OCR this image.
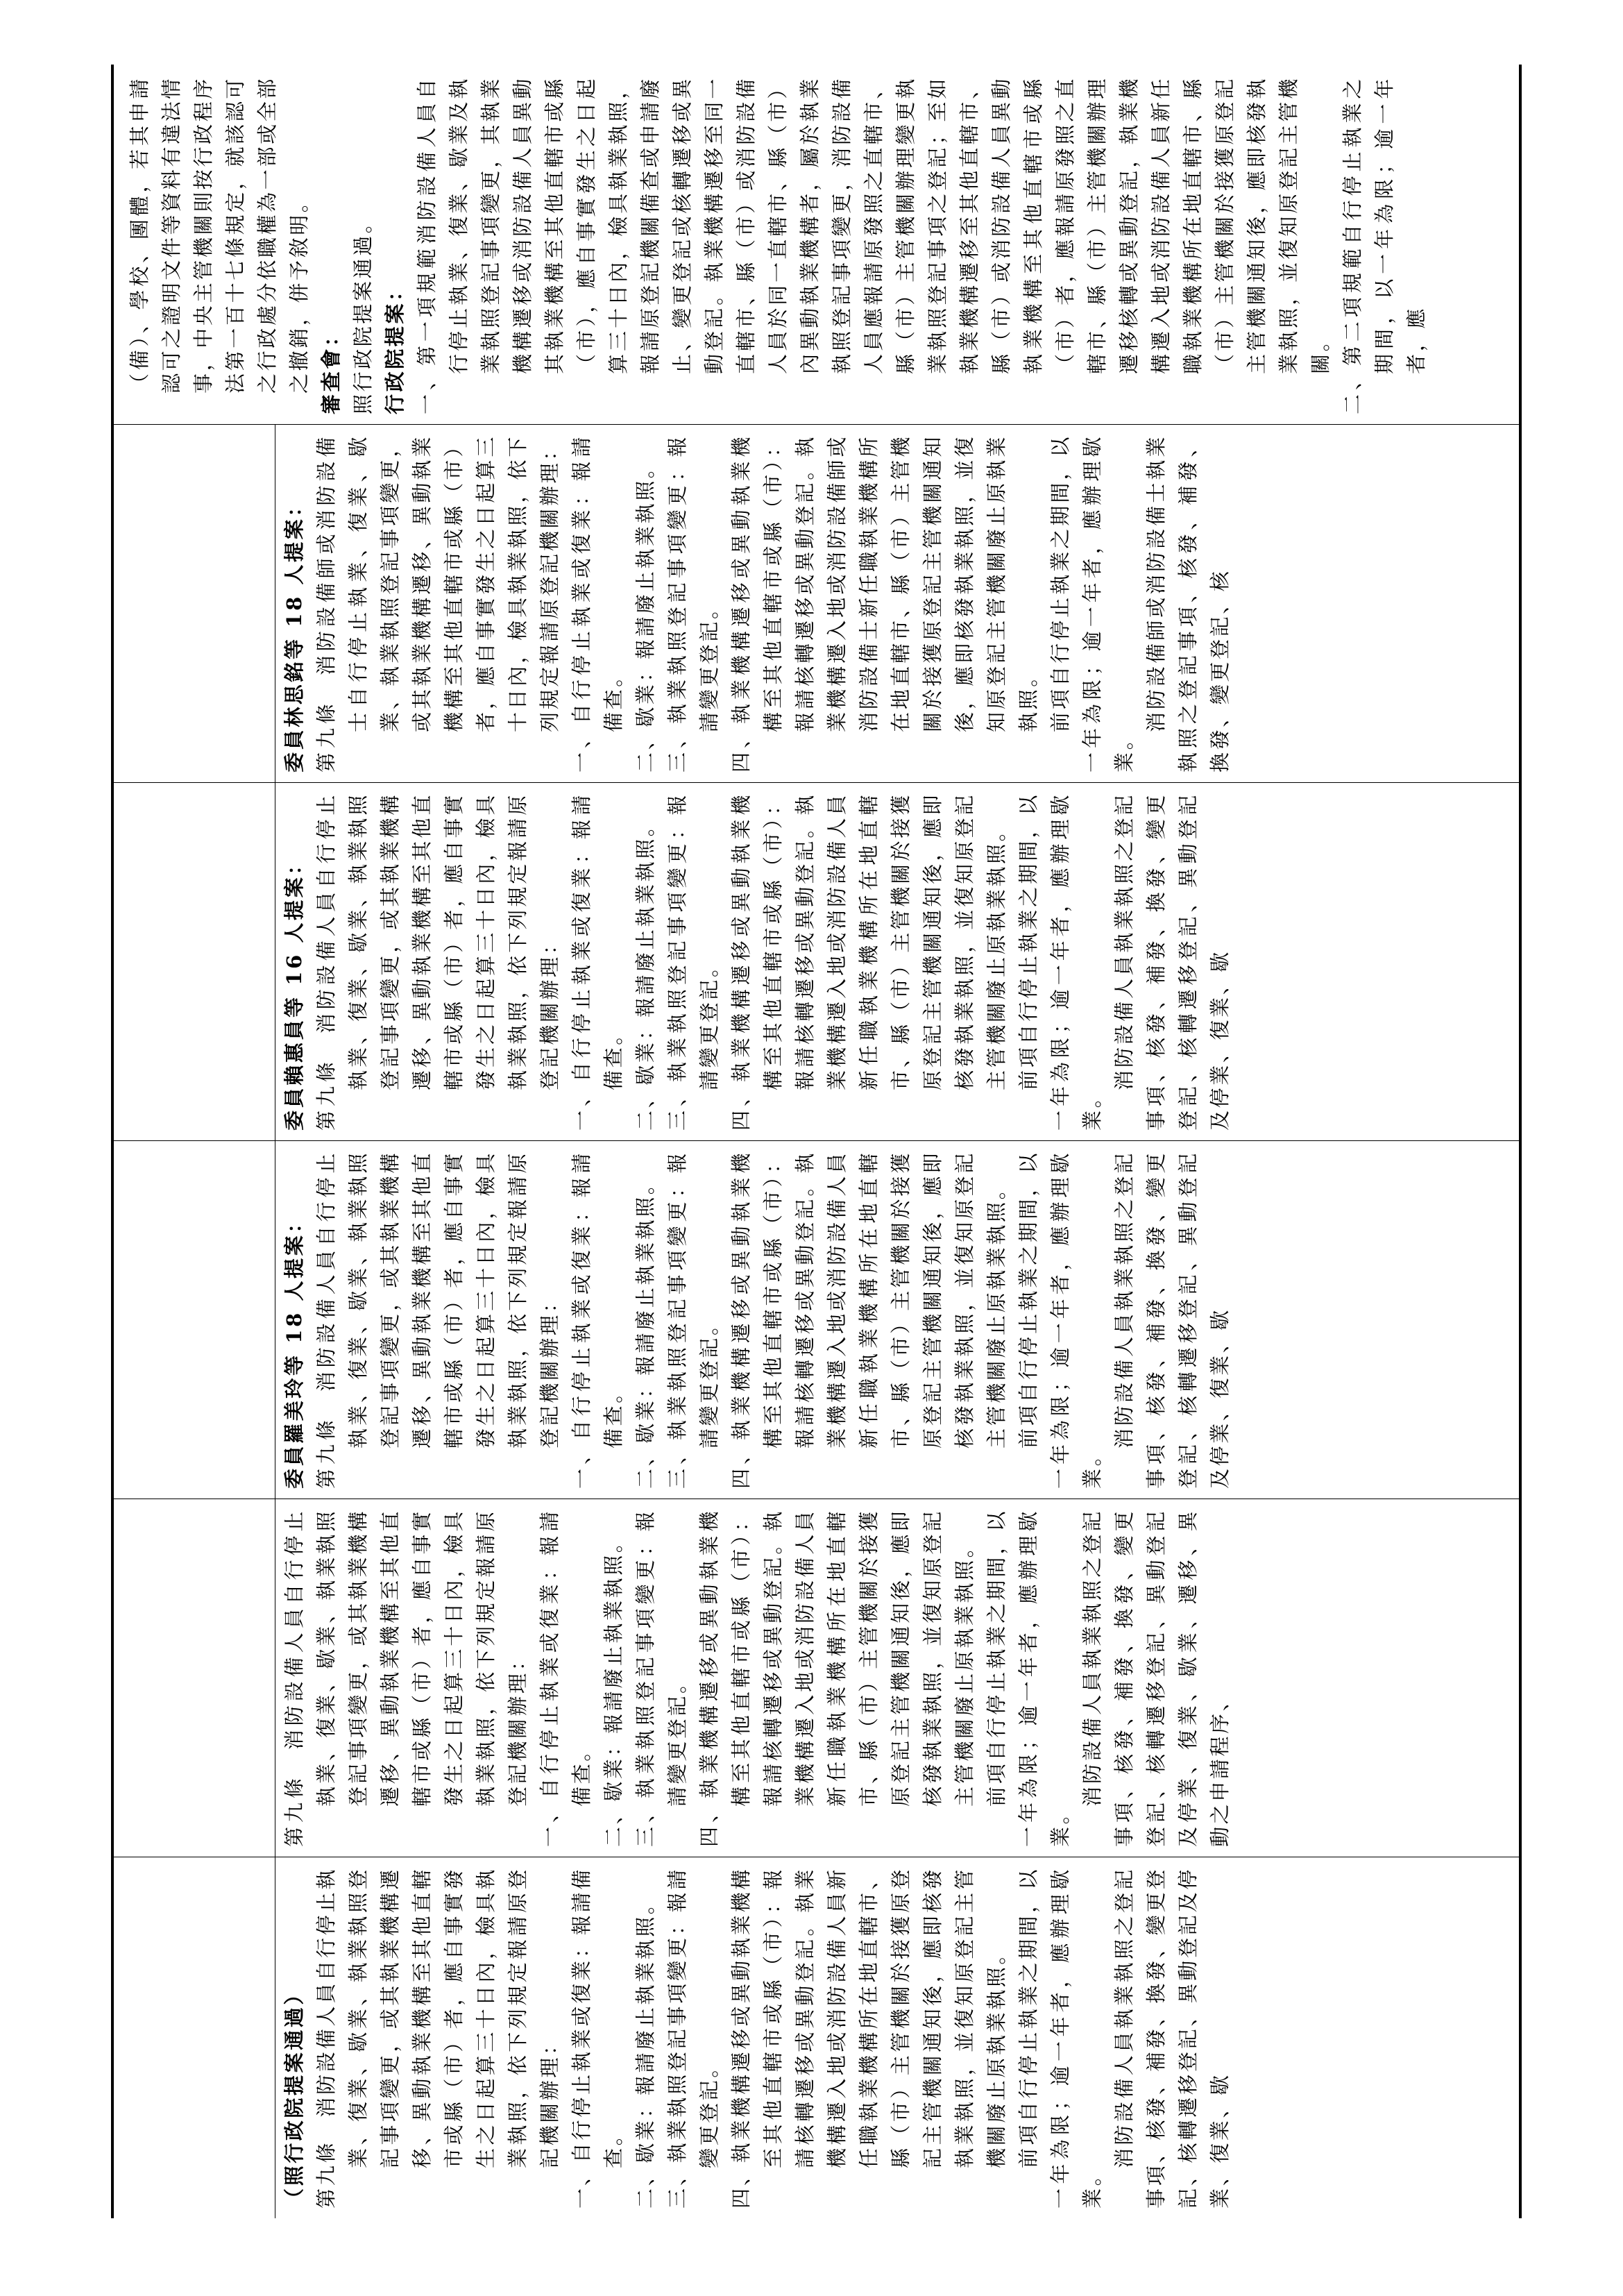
（照行政院提案通過） 第九條　消防設備人員自行停止執業、復業、歇業、執業執照登記事項變更，或其執業機構遷移、異動執業機構至其他直轄市或縣（市）者，應自事實發生之日起算三十日內，檢具執業執照，依下列規定報請原登記機關辦理： 一、自行停止執業或復業：報請備查。 二、歇業：報請廢止執業執照。 三、執業執照登記事項變更：報請變更登記。 四、執業機構遷移或異動執業機構至其他直轄市或縣（市）：報請核轉遷移或異動登記。執業機構遷入地或消防設備人員新任職執業機構所在地直轄市、縣（市）主管機關於接獲原登記主管機關通知後，應即核發執業執照，並復知原登記主管機關廢止原執業執照。 前項自行停止執業之期間，以一年為限；逾一年者，應辦理歇業。

消防設備人員執業執照之登記事項、核發、補發、換發、變更登記、核轉遷移登記、異動登記及停業、復業、歇

第九條　消防設備人員自行停止執業、復業、歇業、執業執照登記事項變更，或其執業機構遷移、異動執業機構至其他直轄市或縣（市）者，應自事實發生之日起算三十日內，檢具執業執照，依下列規定報請原登記機關辦理： 一、自行停止執業或復業：報請備查。 二、歇業：報請廢止執業執照。 三、執業執照登記事項變更：報請變更登記。 四、執業機構遷移或異動執業機構至其他直轄市或縣（市）：報請核轉遷移或異動登記。執業機構遷入地或消防設備人員新任職執業機構所在地直轄市、縣（市）主管機關於接獲原登記主管機關通知後，應即核發執業執照，並復知原登記主管機關廢止原執業執照。 前項自行停止執業之期間，以一年為限；逾一年者，應辦理歇業。

消防設備人員執業執照之登記事項、核發、補發、換發、變更登記、核轉遷移登記、異動登記及停業、復業、歇業、遷移、異動之申請程序、

委員羅美玲等 18 人提案： 第九條　消防設備人員自行停止執業、復業、歇業、執業執照登記事項變更，或其執業機構遷移、異動執業機構至其他直轄市或縣（市）者，應自事實發生之日起算三十日內，檢具執業執照，依下列規定報請原登記機關辦理： 一、自行停止執業或復業：報請備查。 二、歇業：報請廢止執業執照。 三、執業執照登記事項變更：報請變更登記。 四、執業機構遷移或異動執業機構至其他直轄市或縣（市）：報請核轉遷移或異動登記。執業機構遷入地或消防設備人員新任職執業機構所在地直轄市、縣（市）主管機關於接獲原登記主管機關通知後，應即核發執業執照，並復知原登記主管機關廢止原執業執照。 前項自行停止執業之期間，以一年為限；逾一年者，應辦理歇業。

消防設備人員執業執照之登記事項、核發、補發、換發、變更登記、核轉遷移登記、異動登記及停業、復業、歇

委員賴惠員等 16 人提案： 第九條　消防設備人員自行停止執業、復業、歇業、執業執照登記事項變更，或其執業機構遷移、異動執業機構至其他直轄市或縣（市）者，應自事實發生之日起算三十日內，檢具執業執照，依下列規定報請原登記機關辦理： 一、自行停止執業或復業：報請備查。 二、歇業：報請廢止執業執照。 三、執業執照登記事項變更：報請變更登記。 四、執業機構遷移或異動執業機構至其他直轄市或縣（市）：報請核轉遷移或異動登記。執業機構遷入地或消防設備人員新任職執業機構所在地直轄市、縣（市）主管機關於接獲原登記主管機關通知後，應即核發執業執照，並復知原登記主管機關廢止原執業執照。 前項自行停止執業之期間，以一年為限；逾一年者，應辦理歇業。

消防設備人員執業執照之登記事項、核發、補發、換發、變更登記、核轉遷移登記、異動登記及停業、復業、歇

委員林思銘等 18 人提案： 第九條　消防設備師或消防設備士自行停止執業、復業、歇業、執業執照登記事項變更，或其執業機構遷移、異動執業機構至其他直轄市或縣（市）者，應自事實發生之日起算三十日內，檢具執業執照，依下列規定報請原登記機關辦理： 一、自行停止執業或復業：報請備查。 二、歇業：報請廢止執業執照。 三、執業執照登記事項變更：報請變更登記。 四、執業機構遷移或異動執業機構至其他直轄市或縣（市）：報請核轉遷移或異動登記。執業機構遷入地或消防設備師或消防設備士新任職執業機構所在地直轄市、縣（市）主管機關於接獲原登記主管機關通知後，應即核發執業執照，並復知原登記主管機關廢止原執業執照。 前項自行停止執業之期間，以一年為限；逾一年者，應辦理歇業。

消防設備師或消防設備士執業執照之登記事項、核發、補發、換發、變更登記、核

（備）、學校、團體，若其申請認可之證明文件等資料有違法情事，中央主管機關則按行政程序法第一百十七條規定，就該認可之行政處分依職權為一部或全部之撤銷，併予敘明。 審查會： 照行政院提案通過。 行政院提案： 一、第一項規範消防設備人員自行停止執業、復業、歇業及執業執照登記事項變更，其執業機構遷移或消防設備人員異動其執業機構至其他直轄市或縣（市），應自事實發生之日起算三十日內，檢具執業執照，報請原登記機關備查或申請廢止、變更登記或核轉遷移或異動登記。執業機構遷移至同一直轄市、縣（市）或消防設備人員於同一直轄市、縣（市）內異動執業機構者，屬於執業執照登記事項變更，消防設備人員應報請原發照之直轄市、縣（市）主管機關辦理變更執業執照登記事項之登記；至如執業機構遷移至其他直轄市、縣（市）或消防設備人員異動執業機構至其他直轄市或縣（市）者，應報請原發照之直轄市、縣（市）主管機關辦理遷移核轉或異動登記，執業機構遷入地或消防設備人員新任職執業機構所在地直轄市、縣（市）主管機關於接獲原登記主管機關通知後，應即核發執業執照，並復知原登記主管機關。 二、第二項規範自行停止執業之期間，以一年為限；逾一年者，應
